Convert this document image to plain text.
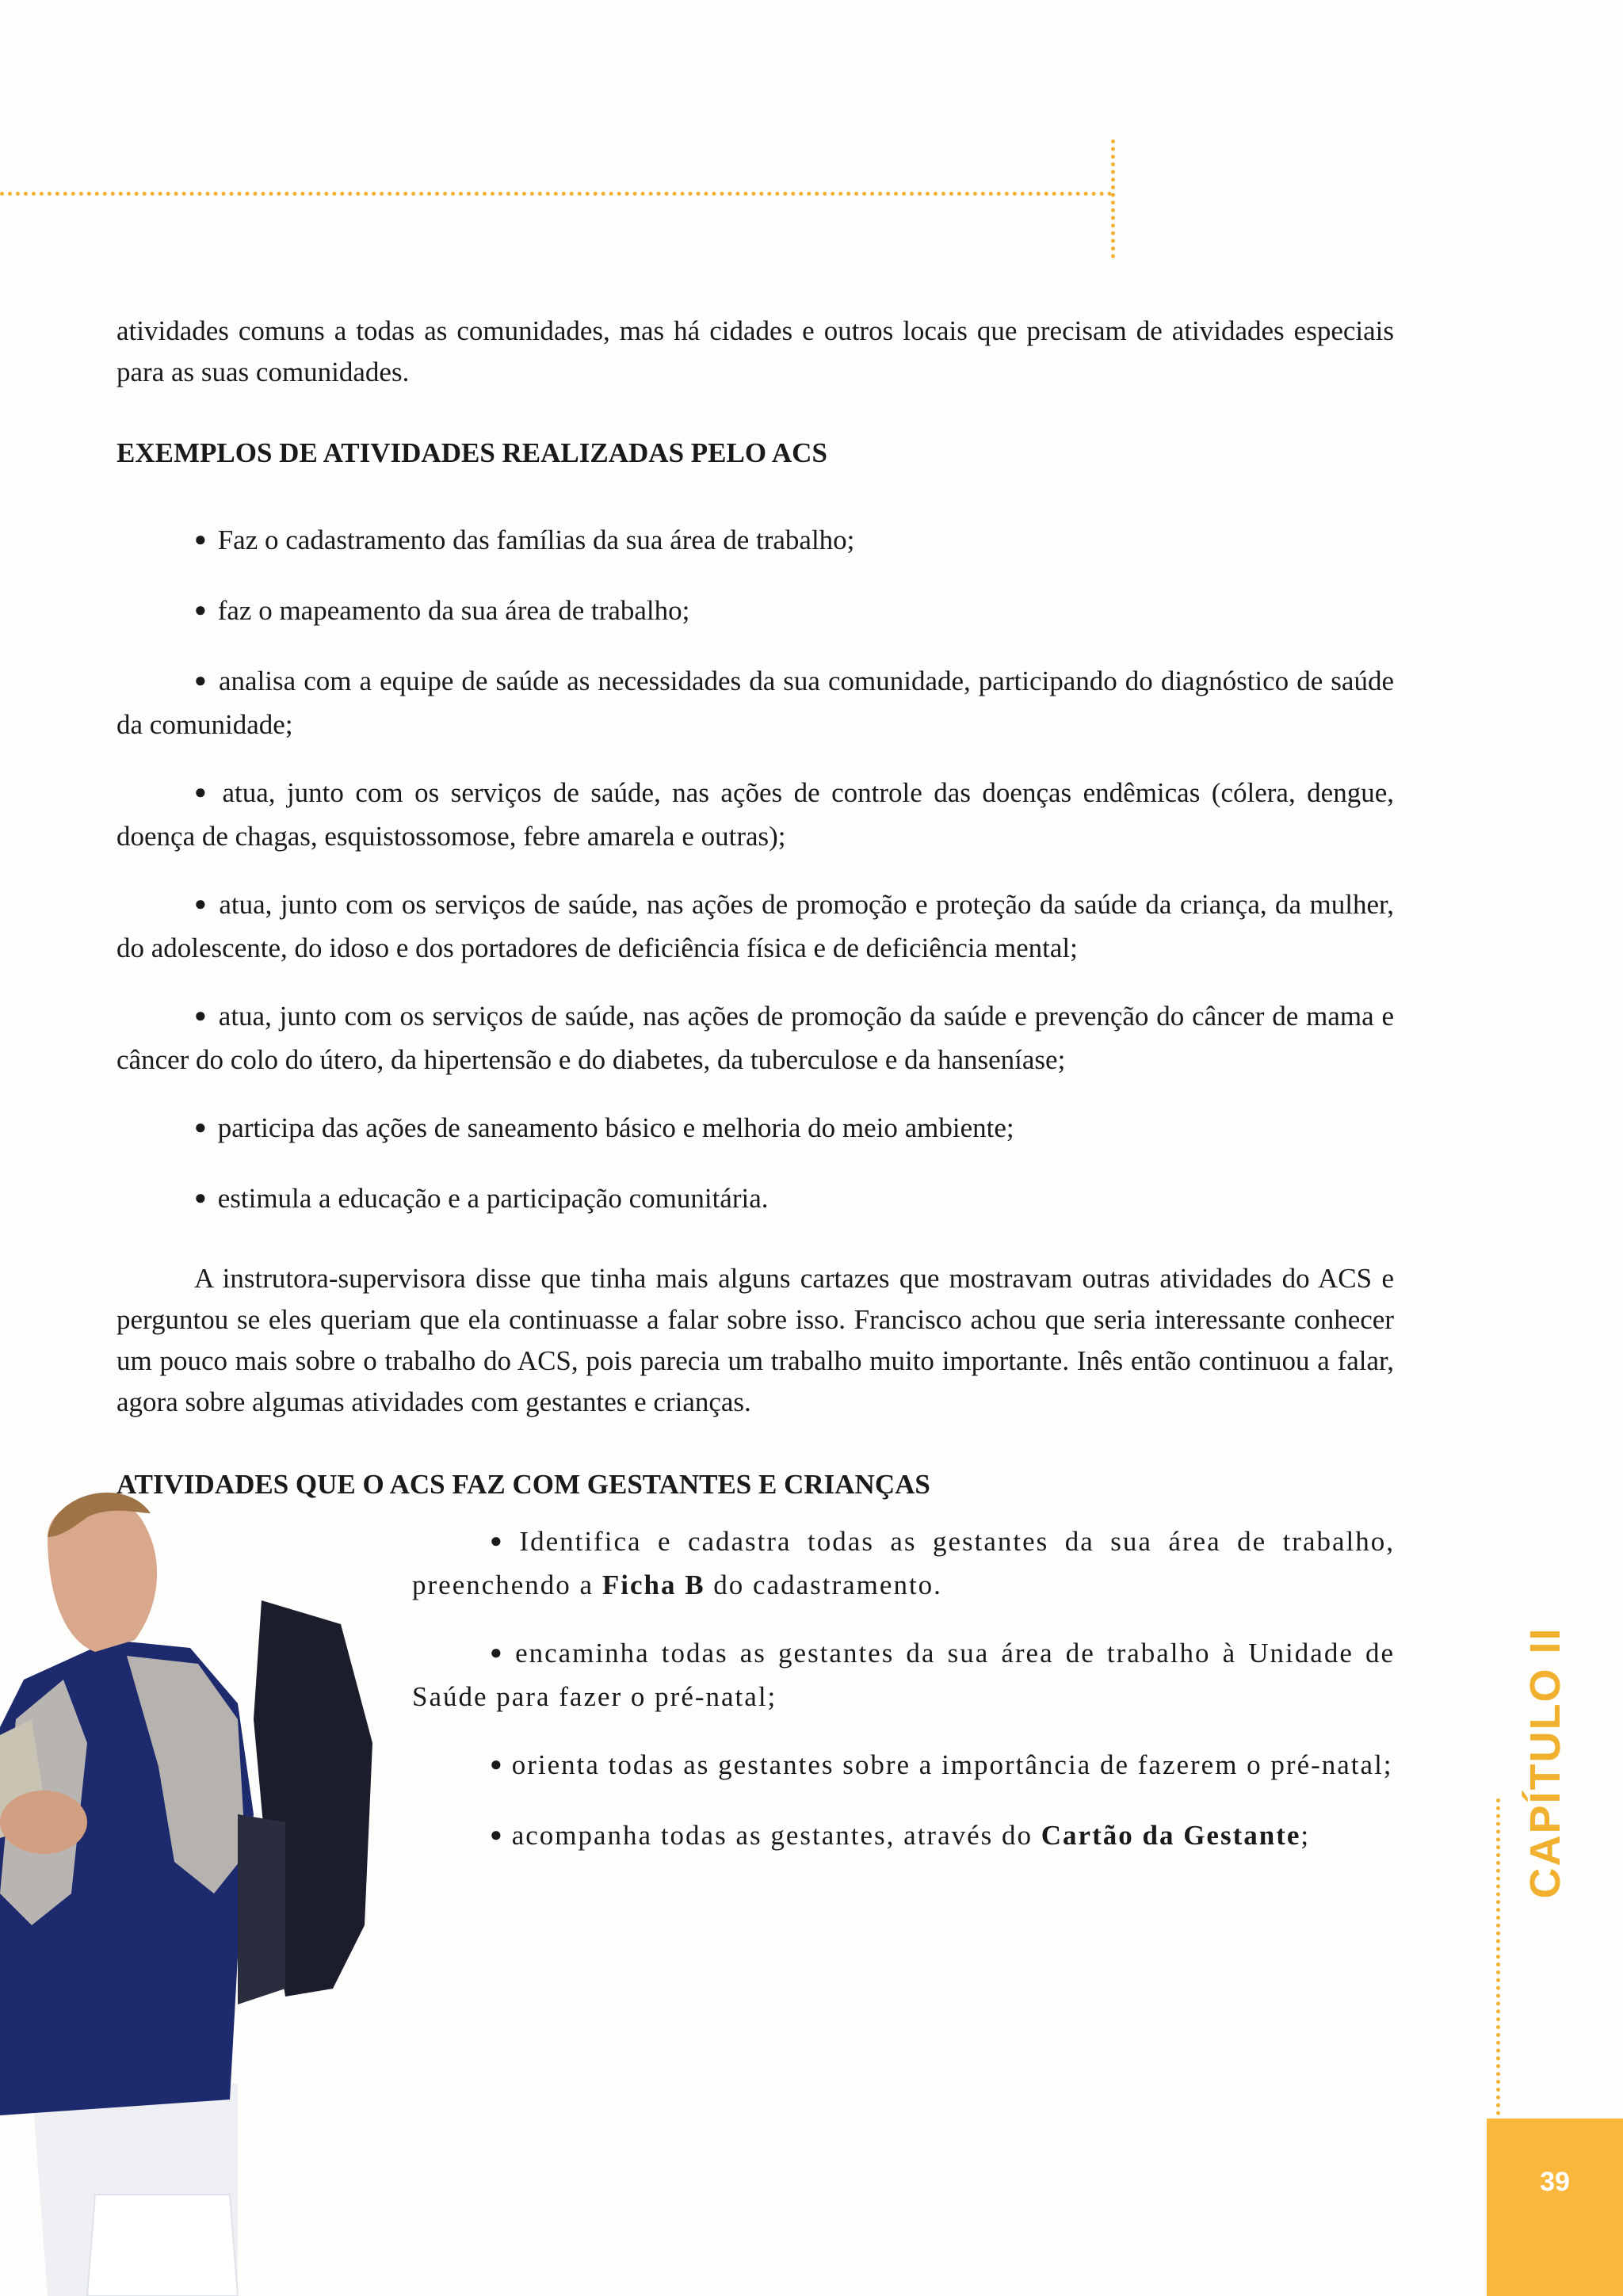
atividades comuns a todas as comunidades, mas há cidades e outros locais que precisam de atividades especiais para as suas comunidades.

EXEMPLOS DE ATIVIDADES REALIZADAS PELO ACS

● Faz o cadastramento das famílias da sua área de trabalho;
● faz o mapeamento da sua área de trabalho;
● analisa com a equipe de saúde as necessidades da sua comunidade, participando do diagnóstico de saúde da comunidade;
● atua, junto com os serviços de saúde, nas ações de controle das doenças endêmicas (cólera, dengue, doença de chagas, esquistossomose, febre amarela e outras);
● atua, junto com os serviços de saúde, nas ações de promoção e proteção da saúde da criança, da mulher, do adolescente, do idoso e dos portadores de deficiência física e de deficiência mental;
● atua, junto com os serviços de saúde, nas ações de promoção da saúde e prevenção do câncer de mama e câncer do colo do útero, da hipertensão e do diabetes, da tuberculose e da hanseníase;
● participa das ações de saneamento básico e melhoria do meio ambiente;
● estimula a educação e a participação comunitária.

A instrutora-supervisora disse que tinha mais alguns cartazes que mostravam outras atividades do ACS e perguntou se eles queriam que ela continuasse a falar sobre isso. Francisco achou que seria interessante conhecer um pouco mais sobre o trabalho do ACS, pois parecia um trabalho muito importante. Inês então continuou a falar, agora sobre algumas atividades com gestantes e crianças.

ATIVIDADES QUE O ACS FAZ COM GESTANTES E CRIANÇAS

● Identifica e cadastra todas as gestantes da sua área de trabalho, preenchendo a Ficha B do cadastramento.
● encaminha todas as gestantes da sua área de trabalho à Unidade de Saúde para fazer o pré-natal;
● orienta todas as gestantes sobre a importância de fazerem o pré-natal;
● acompanha todas as gestantes, através do Cartão da Gestante;	CAPÍTULO II
39
